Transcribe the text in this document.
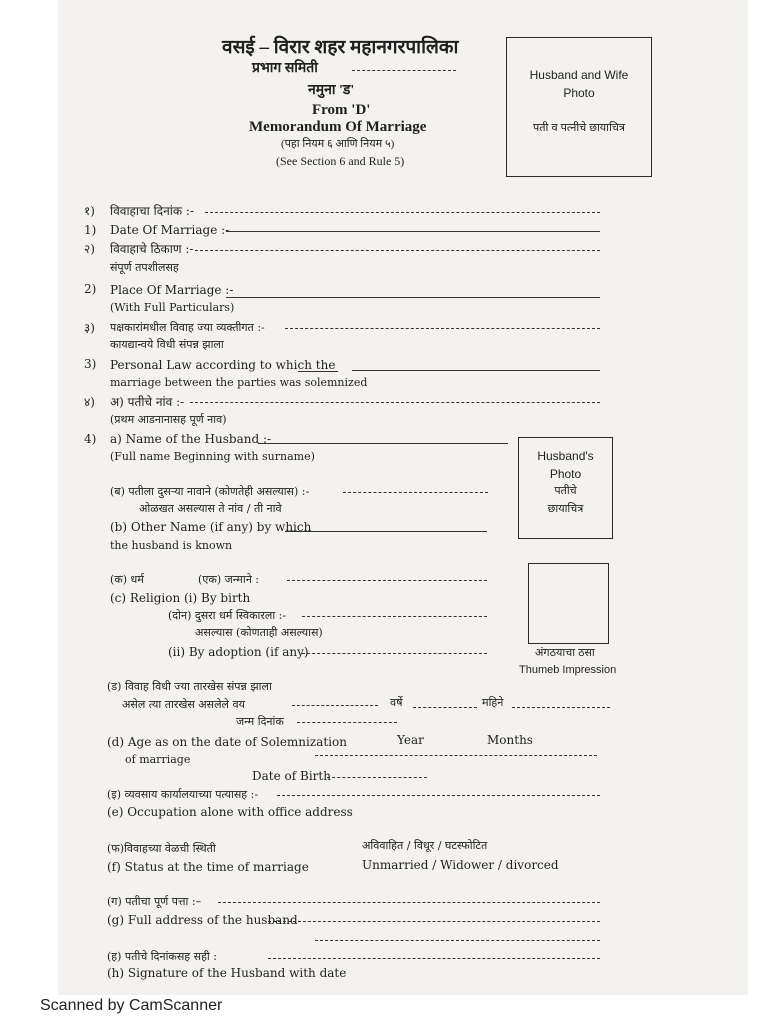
वसई – विरार शहर महानगरपालिका
प्रभाग समिती
नमुना 'ड'
From 'D'
Memorandum Of Marriage
(पहा नियम ६ आणि नियम ५)
(See Section 6 and Rule 5)
Husband and Wife
Photo
पती व पत्नीचे छायाचित्र
१) विवाहाचा दिनांक :-
1) Date Of Marriage :-
२) विवाहाचे ठिकाण :-
संपूर्ण तपशीलसह
2) Place Of Marriage :-
(With Full Particulars)
३) पक्षकारांमधील विवाह ज्या व्यक्तीगत :-
कायद्यान्वये विधी संपन्न झाला
3) Personal Law according to which the
marriage between the parties was solemnized
४) अ) पतीचे नांव :-
(प्रथम आडनानासह पूर्ण नाव)
4) a) Name of the Husband :-
(Full name Beginning with surname)	Husband's
Photo
पतीचे
छायाचित्र
(ब) पतीला दुसऱ्या नावाने (कोणतेही असल्यास) :-
ओळखत असल्यास ते नांव / ती नावे
(b) Other Name (if any) by which
the husband is known
(क) धर्म	(एक) जन्माने :
(c) Religion (i) By birth
(दोन) दुसरा धर्म स्विकारला :-
असल्यास (कोणताही असल्यास)
(ii) By adoption (if any)	अंगठयाचा ठसा
Thumeb Impression
(ड) विवाह विधी ज्या तारखेस संपन्न झाला
असेल त्या तारखेस असलेले वय	वर्षे	महिने
जन्म दिनांक
(d) Age as on the date of Solemnization	Year	Months
of marriage
Date of Birth
(इ) व्यवसाय कार्यालयाच्या पत्यासह :-
(e) Occupation alone with office address
(फ)विवाहच्या वेळची स्थिती
(f) Status at the time of marriage
अविवाहित / विधूर / घटस्फोटित
Unmarried / Widower / divorced
(ग) पतीचा पूर्ण पत्ता :–
(g) Full address of the husband
(ह) पतीचे दिनांकसह सही :
(h) Signature of the Husband with date
Scanned by CamScanner
